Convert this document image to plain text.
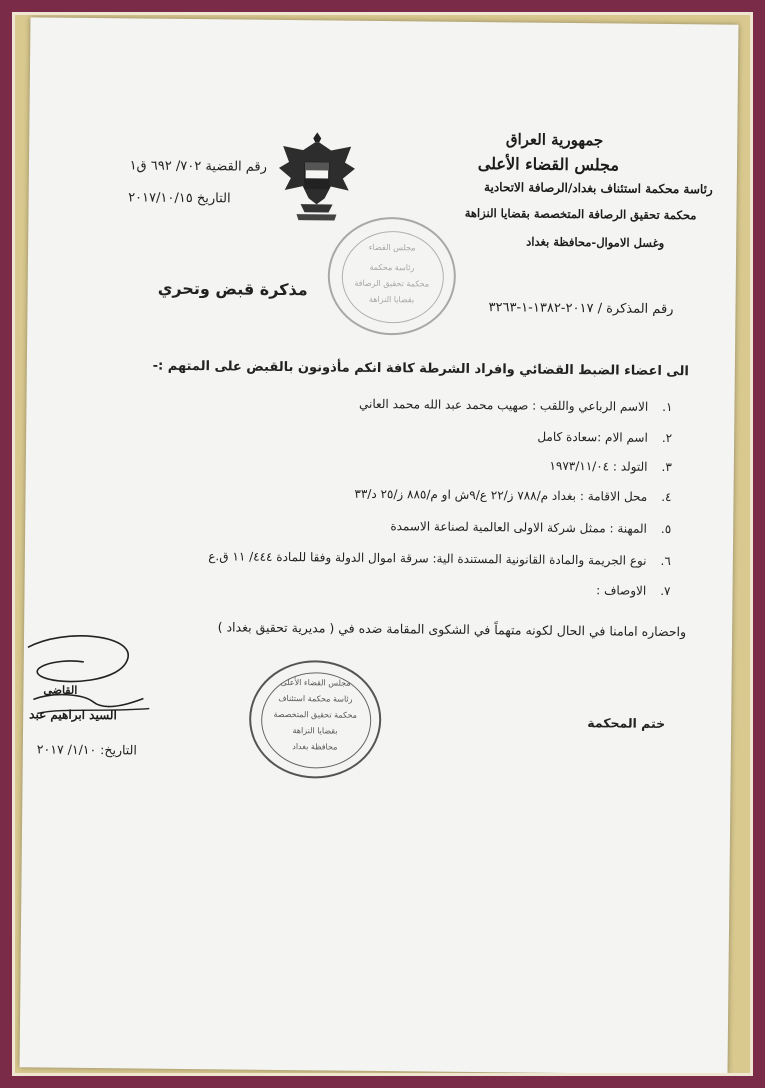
جمهورية العراق
مجلس القضاء الأعلى
رئاسة محكمة استئناف بغداد/الرصافة الاتحادية
محكمة تحقيق الرصافة المتخصصة بقضايا النزاهة
وغسل الاموال-محافظة بغداد
رقم القضية ٧٠٢/ ٦٩٢ ق١
التاريخ ٢٠١٧/١٠/١٥
مجلس القضاء
رئاسة محكمة
محكمة تحقيق الرصافة
بقضايا النزاهة
مذكرة قبض وتحري
رقم المذكرة / ٢٠١٧-١٣٨٢-١-٣٢٦٣
الى اعضاء الضبط القضائي وافراد الشرطة كافة انكم مأذونون بالقبض على المتهم :-
١.الاسم الرباعي واللقب : صهيب محمد عبد الله محمد العاني
٢.اسم الام :سعادة كامل
٣.التولد : ١٩٧٣/١١/٠٤
٤.محل الاقامة : بغداد م/٧٨٨ ز/٢٢ ع/٩ش او م/٨٨٥ ز/٢٥ د/٣٣
٥.المهنة : ممثل شركة الاولى العالمية لصناعة الاسمدة
٦.نوع الجريمة والمادة القانونية المستندة الية: سرقة اموال الدولة وفقا للمادة ٤٤٤/ ١١ ق.ع
٧.الاوصاف :
واحضاره امامنا في الحال لكونه متهماً في الشكوى المقامة ضده في ( مديرية تحقيق بغداد )
ختم المحكمة
مجلس القضاء الأعلى
رئاسة محكمة استئناف
محكمة تحقيق المتخصصة
بقضايا النزاهة
محافظة بغداد
القاضي
السيد ابراهيم عبد
التاريخ: ١/١٠/ ٢٠١٧
